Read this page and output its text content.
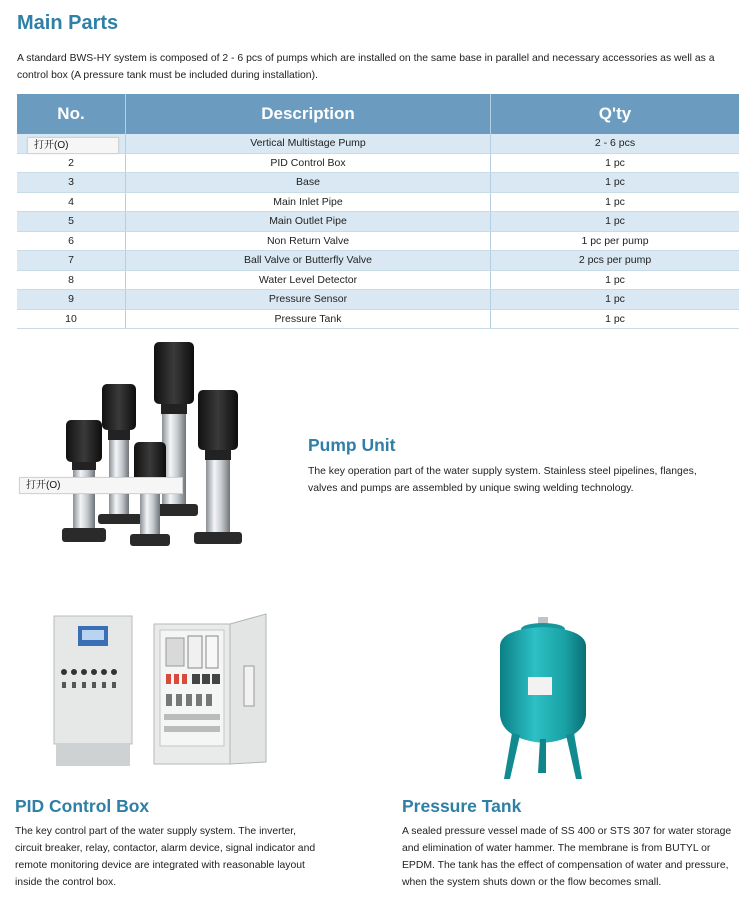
Main Parts

A standard BWS-HY system is composed of 2 - 6 pcs of pumps which are installed on the same base in parallel and necessary accessories as well as a control box (A pressure tank must be included during installation).

No.	Description	Q'ty
	Vertical Multistage Pump	2 - 6 pcs
2	PID Control Box	1 pc
3	Base	1 pc
4	Main Inlet Pipe	1 pc
5	Main Outlet Pipe	1 pc
6	Non Return Valve	1 pc per pump
7	Ball Valve or Butterfly Valve	2 pcs per pump
8	Water Level Detector	1 pc
9	Pressure Sensor	1 pc
10	Pressure Tank	1 pc
打开(O)
打开(O)
Pump Unit

The key operation part of the water supply system. Stainless steel pipelines, flanges, valves and pumps are assembled by unique swing welding technology.

PID Control Box

The key control part of the water supply system. The inverter, circuit breaker, relay, contactor, alarm device, signal indicator and remote monitoring device are integrated with reasonable layout inside the control box.

Pressure Tank

A sealed pressure vessel made of SS 400 or STS 307 for water storage and elimination of water hammer. The membrane is from BUTYL or EPDM. The tank has the effect of compensation of water and pressure, when the system shuts down or the flow becomes small.
